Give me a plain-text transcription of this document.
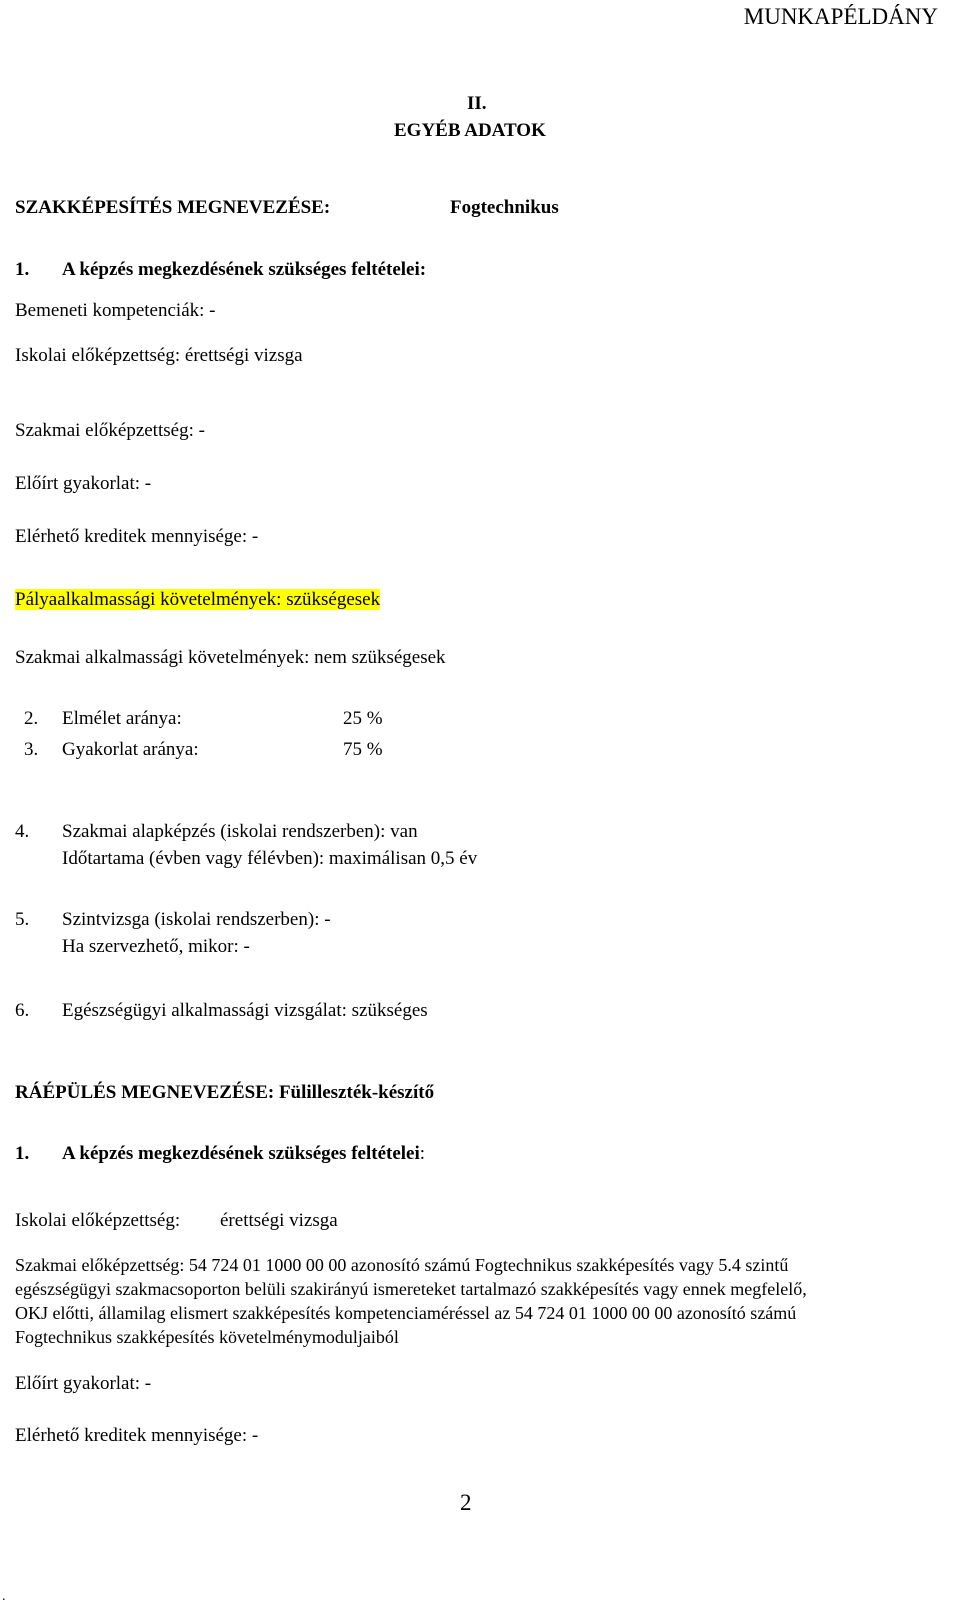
MUNKAPÉLDÁNY
II.
EGYÉB ADATOK
SZAKKÉPESÍTÉS MEGNEVEZÉSE:	Fogtechnikus
1. A képzés megkezdésének szükséges feltételei:
Bemeneti kompetenciák: -
Iskolai előképzettség: érettségi vizsga
Szakmai előképzettség: -
Előírt gyakorlat: -
Elérhető kreditek mennyisége: -
Pályaalkalmassági követelmények: szükségesek
Szakmai alkalmassági követelmények: nem szükségesek
2. Elmélet aránya:	25 %
3. Gyakorlat aránya:	75 %
4. Szakmai alapképzés (iskolai rendszerben): van
Időtartama (évben vagy félévben): maximálisan 0,5 év
5. Szintvizsga (iskolai rendszerben): -
Ha szervezhető, mikor: -
6. Egészségügyi alkalmassági vizsgálat: szükséges
RÁÉPÜLÉS MEGNEVEZÉSE: Fülilleszték-készítő
1. A képzés megkezdésének szükséges feltételei:
Iskolai előképzettség: érettségi vizsga
Szakmai előképzettség: 54 724 01 1000 00 00 azonosító számú Fogtechnikus szakképesítés vagy 5.4 szintű
egészségügyi szakmacsoporton belüli szakirányú ismereteket tartalmazó szakképesítés vagy ennek megfelelő,
OKJ előtti, államilag elismert szakképesítés kompetenciaméréssel az 54 724 01 1000 00 00 azonosító számú
Fogtechnikus szakképesítés követelménymoduljaiból
Előírt gyakorlat: -
Elérhető kreditek mennyisége: -
2
.
